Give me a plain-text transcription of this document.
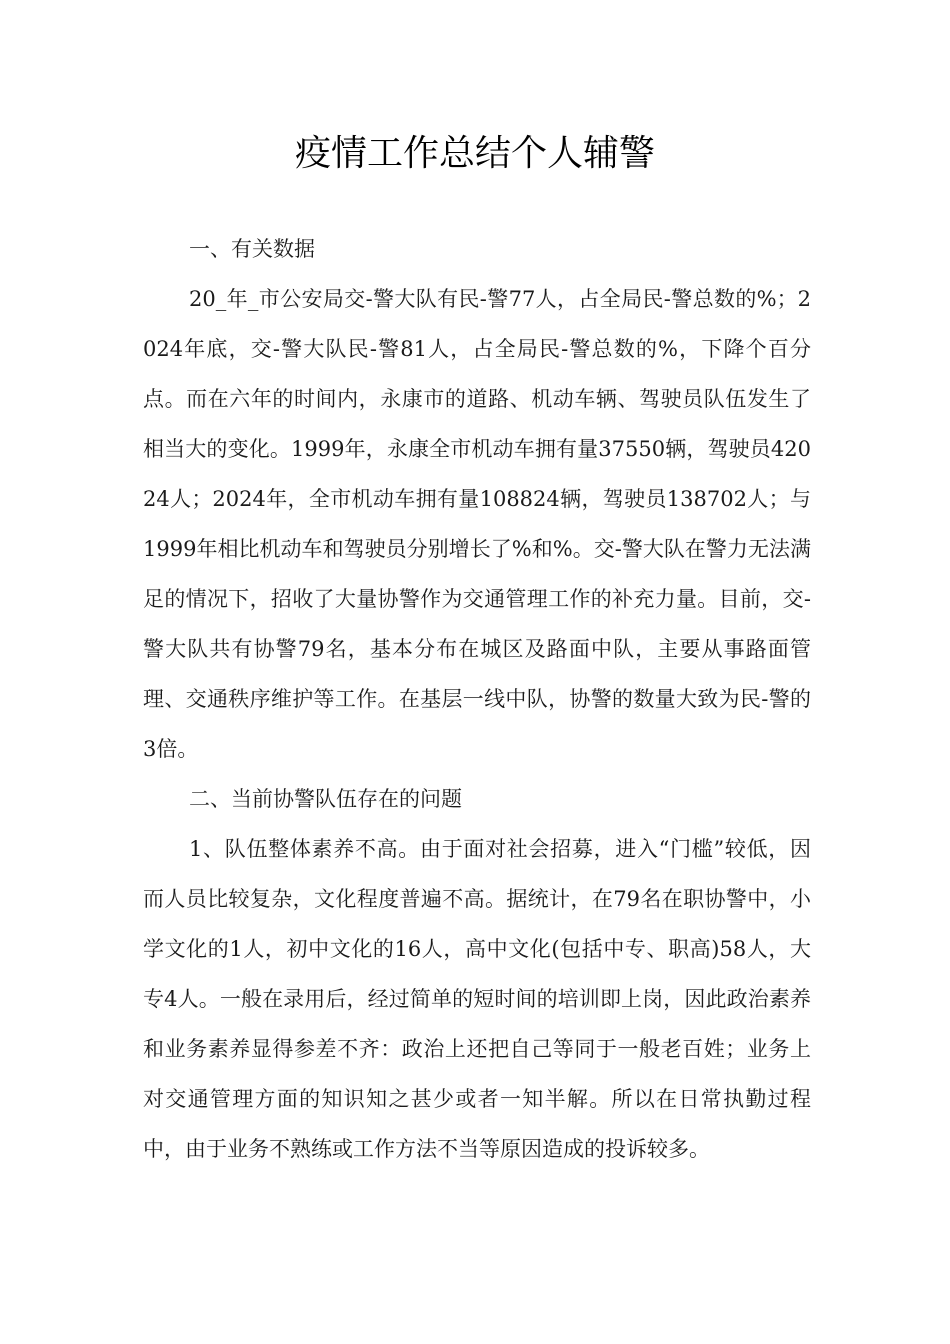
疫情工作总结个人辅警

一、有关数据

20_年_市公安局交-警大队有民-警77人，占全局民-警总数的%；2024年底，交-警大队民-警81人，占全局民-警总数的%，下降个百分点。而在六年的时间内，永康市的道路、机动车辆、驾驶员队伍发生了相当大的变化。1999年，永康全市机动车拥有量37550辆，驾驶员42024人；2024年，全市机动车拥有量108824辆，驾驶员138702人；与1999年相比机动车和驾驶员分别增长了%和%。交-警大队在警力无法满足的情况下，招收了大量协警作为交通管理工作的补充力量。目前，交-警大队共有协警79名，基本分布在城区及路面中队，主要从事路面管理、交通秩序维护等工作。在基层一线中队，协警的数量大致为民-警的3倍。

二、当前协警队伍存在的问题

1、队伍整体素养不高。由于面对社会招募，进入“门槛”较低，因而人员比较复杂，文化程度普遍不高。据统计，在79名在职协警中，小学文化的1人，初中文化的16人，高中文化(包括中专、职高)58人，大专4人。一般在录用后，经过简单的短时间的培训即上岗，因此政治素养和业务素养显得参差不齐：政治上还把自己等同于一般老百姓；业务上对交通管理方面的知识知之甚少或者一知半解。所以在日常执勤过程中，由于业务不熟练或工作方法不当等原因造成的投诉较多。
